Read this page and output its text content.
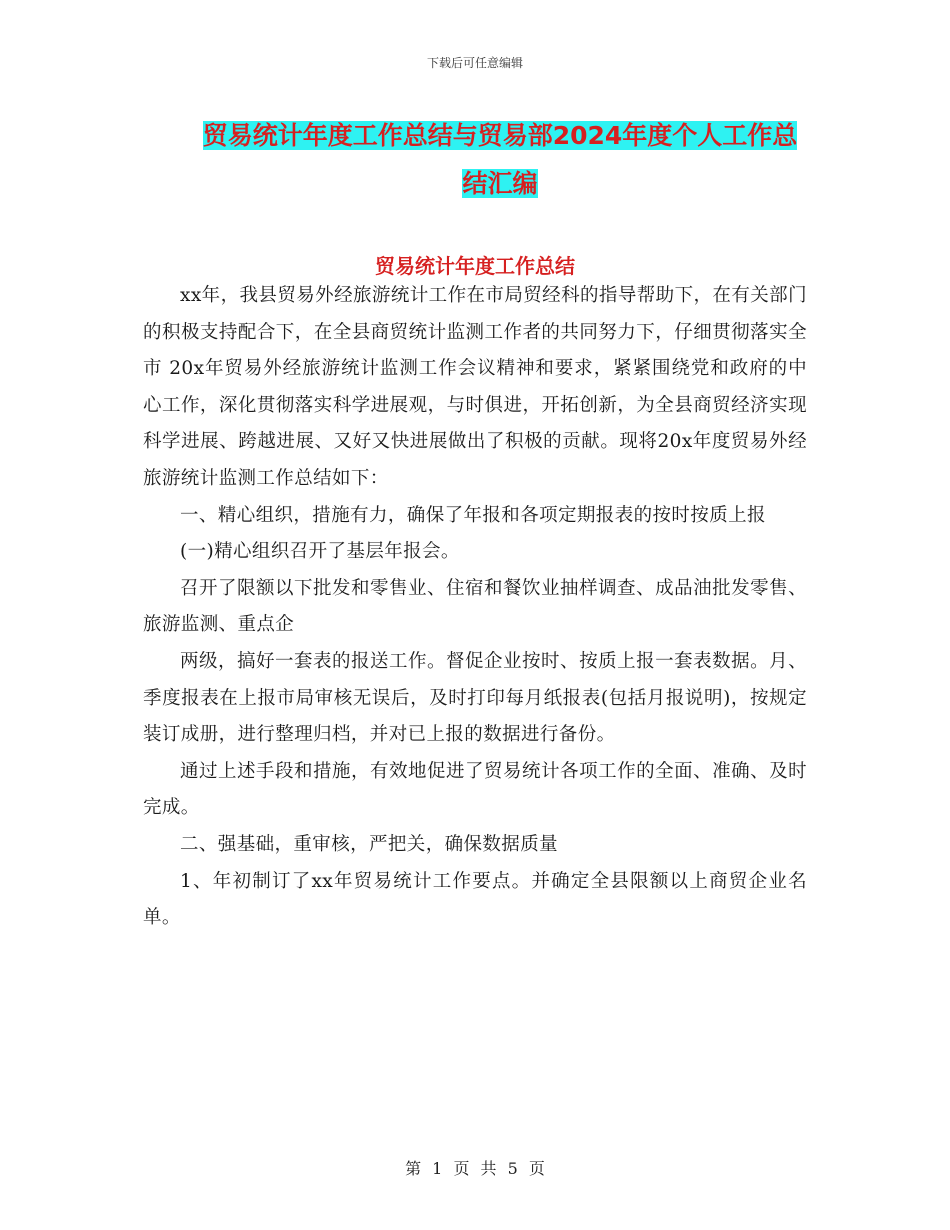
下载后可任意编辑
贸易统计年度工作总结与贸易部2024年度个人工作总
结汇编
贸易统计年度工作总结

xx年，我县贸易外经旅游统计工作在市局贸经科的指导帮助下，在有关部门的积极支持配合下，在全县商贸统计监测工作者的共同努力下，仔细贯彻落实全市 20x年贸易外经旅游统计监测工作会议精神和要求，紧紧围绕党和政府的中心工作，深化贯彻落实科学进展观，与时俱进，开拓创新，为全县商贸经济实现科学进展、跨越进展、又好又快进展做出了积极的贡献。现将20x年度贸易外经旅游统计监测工作总结如下：

一、精心组织，措施有力，确保了年报和各项定期报表的按时按质上报

(一)精心组织召开了基层年报会。

召开了限额以下批发和零售业、住宿和餐饮业抽样调查、成品油批发零售、旅游监测、重点企

两级，搞好一套表的报送工作。督促企业按时、按质上报一套表数据。月、季度报表在上报市局审核无误后，及时打印每月纸报表(包括月报说明)，按规定装订成册，进行整理归档，并对已上报的数据进行备份。

通过上述手段和措施，有效地促进了贸易统计各项工作的全面、准确、及时完成。

二、强基础，重审核，严把关，确保数据质量

1、年初制订了xx年贸易统计工作要点。并确定全县限额以上商贸企业名单。

第 1 页 共 5 页
